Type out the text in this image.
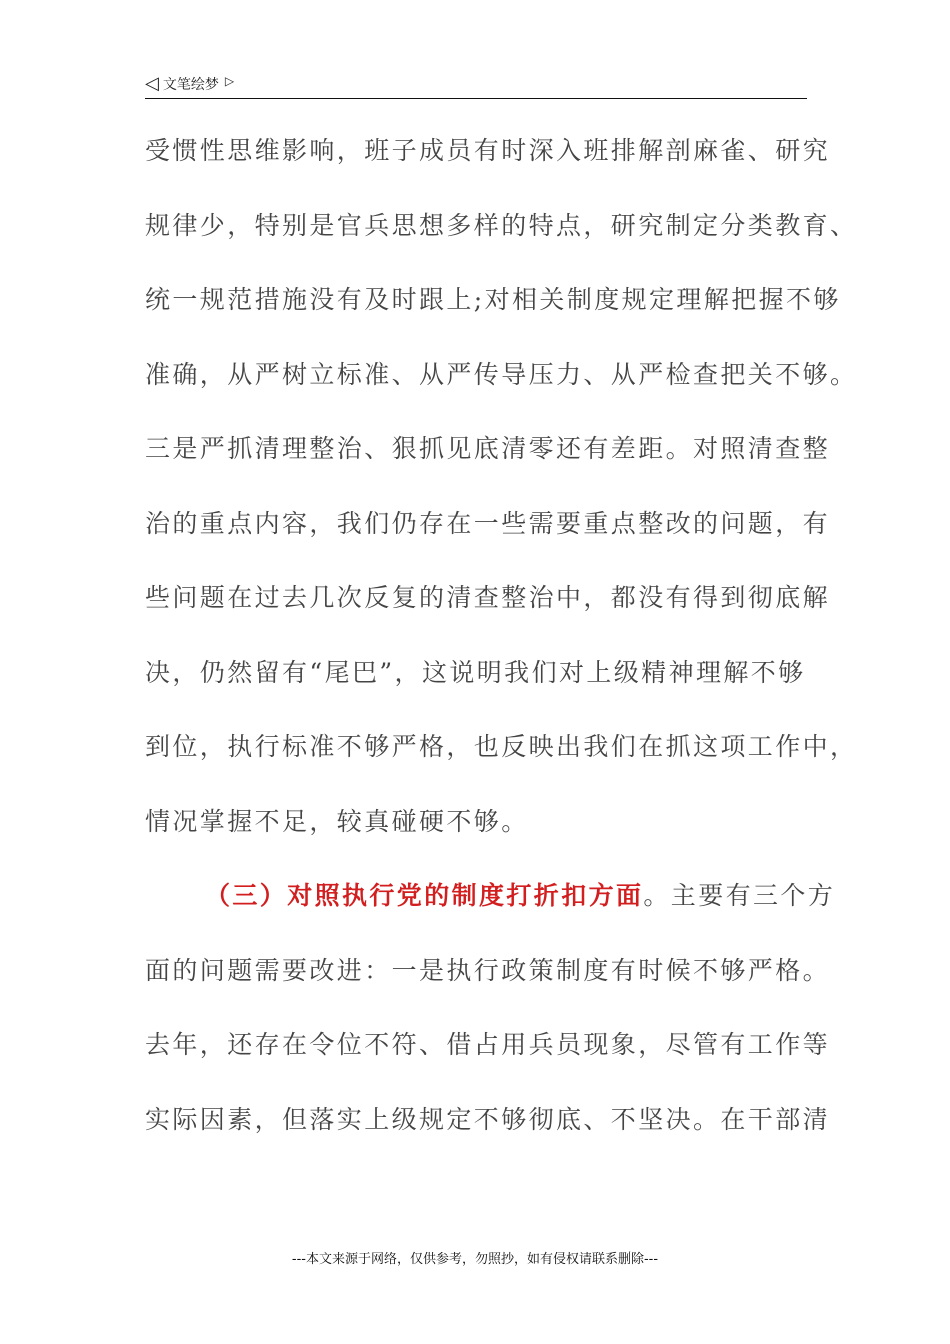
◁ 文笔绘梦 ▷
受惯性思维影响，班子成员有时深入班排解剖麻雀、研究
规律少，特别是官兵思想多样的特点，研究制定分类教育、
统一规范措施没有及时跟上;对相关制度规定理解把握不够
准确，从严树立标准、从严传导压力、从严检查把关不够。
三是严抓清理整治、狠抓见底清零还有差距。对照清查整
治的重点内容，我们仍存在一些需要重点整改的问题，有
些问题在过去几次反复的清查整治中，都没有得到彻底解
决，仍然留有“尾巴”，这说明我们对上级精神理解不够
到位，执行标准不够严格，也反映出我们在抓这项工作中，
情况掌握不足，较真碰硬不够。
（三）对照执行党的制度打折扣方面。主要有三个方
面的问题需要改进：一是执行政策制度有时候不够严格。
去年，还存在令位不符、借占用兵员现象，尽管有工作等
实际因素，但落实上级规定不够彻底、不坚决。在干部清
---本文来源于网络，仅供参考，勿照抄，如有侵权请联系删除---
